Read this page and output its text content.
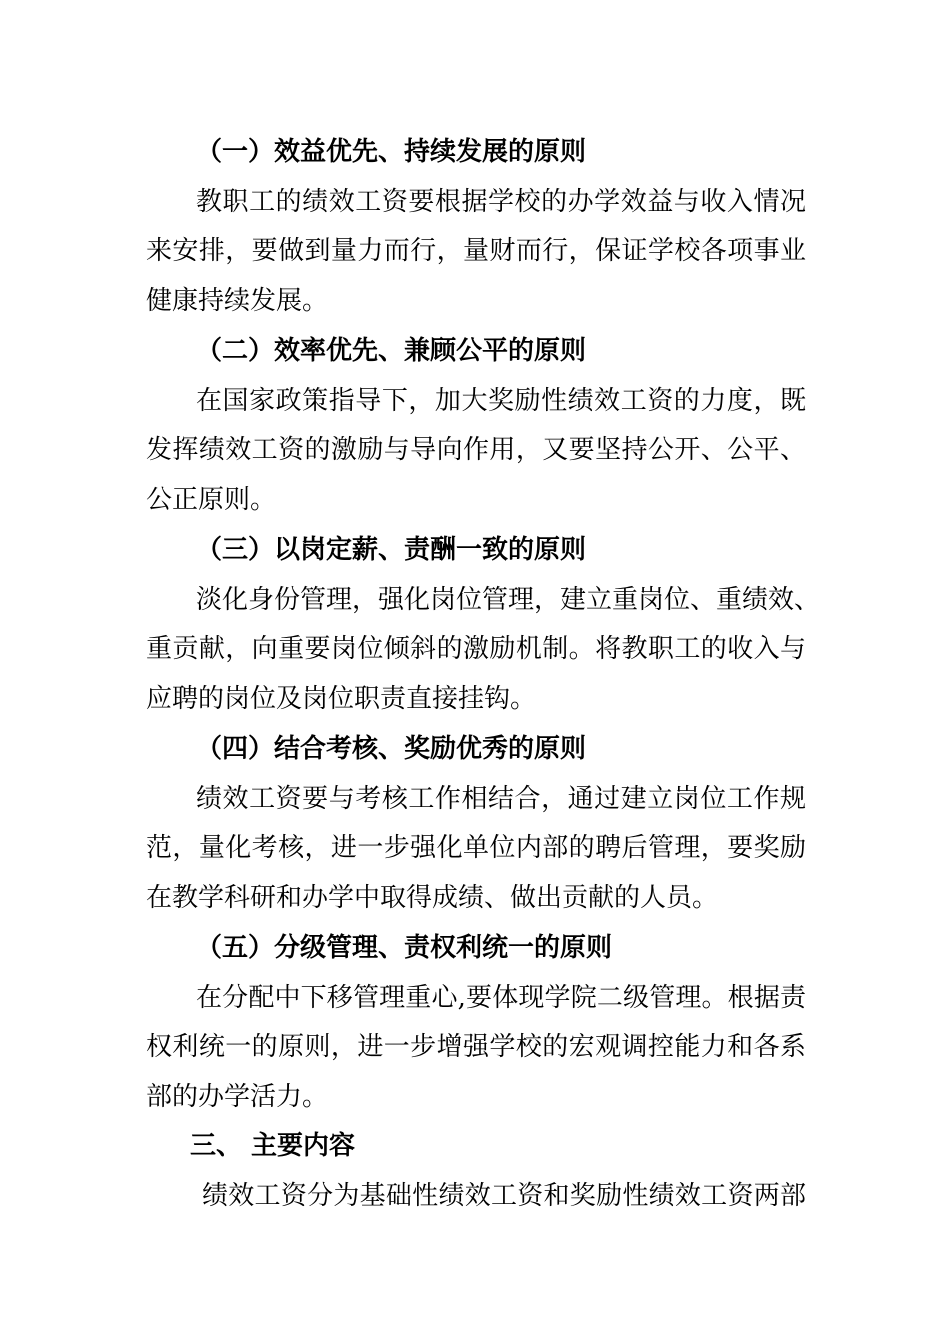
（一）效益优先、持续发展的原则
教职工的绩效工资要根据学校的办学效益与收入情况
来安排，要做到量力而行，量财而行，保证学校各项事业
健康持续发展。
（二）效率优先、兼顾公平的原则
在国家政策指导下，加大奖励性绩效工资的力度，既
发挥绩效工资的激励与导向作用，又要坚持公开、公平、
公正原则。
（三）以岗定薪、责酬一致的原则
淡化身份管理，强化岗位管理，建立重岗位、重绩效、
重贡献，向重要岗位倾斜的激励机制。将教职工的收入与
应聘的岗位及岗位职责直接挂钩。
（四）结合考核、奖励优秀的原则
绩效工资要与考核工作相结合，通过建立岗位工作规
范，量化考核，进一步强化单位内部的聘后管理，要奖励
在教学科研和办学中取得成绩、做出贡献的人员。
（五）分级管理、责权利统一的原则
在分配中下移管理重心,要体现学院二级管理。根据责
权利统一的原则，进一步增强学校的宏观调控能力和各系
部的办学活力。
三、 主要内容
绩效工资分为基础性绩效工资和奖励性绩效工资两部
